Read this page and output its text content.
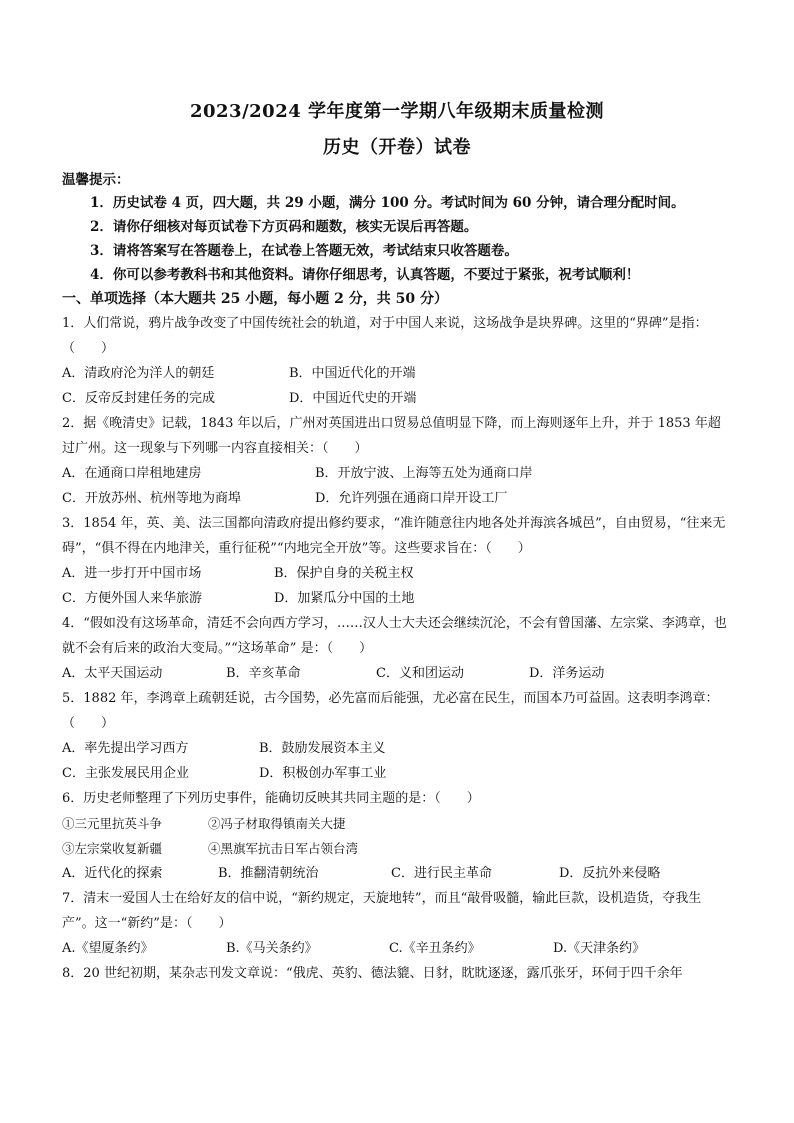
2023/2024 学年度第一学期八年级期末质量检测
历史（开卷）试卷
温馨提示：
1．历史试卷 4 页，四大题，共 29 小题，满分 100 分。考试时间为 60 分钟，请合理分配时间。
2．请你仔细核对每页试卷下方页码和题数，核实无误后再答题。
3．请将答案写在答题卷上，在试卷上答题无效，考试结束只收答题卷。
4．你可以参考教科书和其他资料。请你仔细思考，认真答题，不要过于紧张，祝考试顺利！
一、单项选择（本大题共 25 小题，每小题 2 分，共 50 分）
1．人们常说，鸦片战争改变了中国传统社会的轨道，对于中国人来说，这场战争是块界碑。这里的“界碑”是指：（　　）
A．清政府沦为洋人的朝廷	B．中国近代化的开端
C．反帝反封建任务的完成	D．中国近代史的开端
2．据《晚清史》记载，1843 年以后，广州对英国进出口贸易总值明显下降，而上海则逐年上升，并于 1853 年超过广州。这一现象与下列哪一内容直接相关：（　　）
A．在通商口岸租地建房	B．开放宁波、上海等五处为通商口岸
C．开放苏州、杭州等地为商埠	D．允许列强在通商口岸开设工厂
3．1854 年，英、美、法三国都向清政府提出修约要求，“准许随意往内地各处并海滨各城邑”，自由贸易，“往来无碍”，“俱不得在内地津关，重行征税”“内地完全开放”等。这些要求旨在：（　　）
A．进一步打开中国市场	B．保护自身的关税主权
C．方便外国人来华旅游	D．加紧瓜分中国的土地
4．“假如没有这场革命，清廷不会向西方学习，……汉人士大夫还会继续沉沦，不会有曾国藩、左宗棠、李鸿章，也就不会有后来的政治大变局。”“这场革命” 是：（　　）
A．太平天国运动	B．辛亥革命	C．义和团运动	D．洋务运动
5．1882 年，李鸿章上疏朝廷说，古今国势，必先富而后能强，尤必富在民生，而国本乃可益固。这表明李鸿章：（　　）
A．率先提出学习西方	B．鼓励发展资本主义
C．主张发展民用企业	D．积极创办军事工业
6．历史老师整理了下列历史事件，能确切反映其共同主题的是：（　　）
①三元里抗英斗争	②冯子材取得镇南关大捷
③左宗棠收复新疆	④黑旗军抗击日军占领台湾
A．近代化的探索	B．推翻清朝统治	C．进行民主革命	D．反抗外来侵略
7．清末一爱国人士在给好友的信中说，“新约规定，天旋地转”，而且“敲骨吸髓，输此巨款，设机造货，夺我生产”。这一“新约”是：（　　）
A.《望厦条约》	B.《马关条约》	C.《辛丑条约》	D.《天津条约》
8．20 世纪初期，某杂志刊发文章说：“俄虎、英豹、德法貔、日豺，眈眈逐逐，露爪张牙，环伺于四千余年
